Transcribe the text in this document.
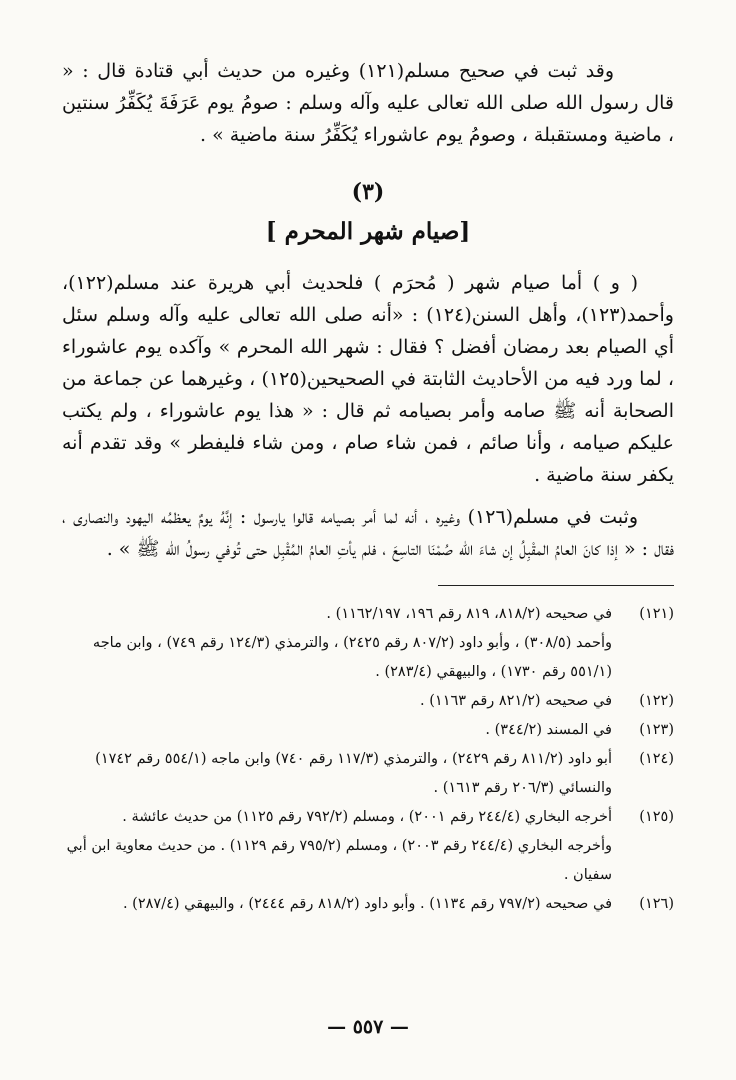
وقد ثبت في صحيح مسلم(١٢١) وغيره من حديث أبي قتادة قال : « قال رسول الله صلى الله تعالى عليه وآله وسلم : صومُ يوم عَرَفَةَ يُكَفِّرُ سنتين ، ماضية ومستقبلة ، وصومُ يوم عاشوراء يُكَفِّرُ سنة ماضية » .

(٣)
[صيام شهر المحرم ]

( و ) أما صيام شهر ( مُحرَم ) فلحديث أبي هريرة عند مسلم(١٢٢)، وأحمد(١٢٣)، وأهل السنن(١٢٤) : «أنه صلى الله تعالى عليه وآله وسلم سئل أي الصيام بعد رمضان أفضل ؟ فقال : شهر الله المحرم » وآكده يوم عاشوراء ، لما ورد فيه من الأحاديث الثابتة في الصحيحين(١٢٥) ، وغيرهما عن جماعة من الصحابة أنه ﷺ صامه وأمر بصيامه ثم قال : « هذا يوم عاشوراء ، ولم يكتب عليكم صيامه ، وأنا صائم ، فمن شاء صام ، ومن شاء فليفطر » وقد تقدم أنه يكفر سنة ماضية .

وثبت في مسلم(١٢٦) وغيره ، أنه لما أمر بصيامه قالوا يارسول : إنَّهُ يومٌ يعظمُه اليهود والنصارى ، فقال : « إذا كانَ العامُ المقْبِلُ إن شاءَ الله صُمْنَا التاسِعَ ، فلم يأتِ العامُ المُقْبِل حتى تُوفي رسولُ الله ﷺ » .

(١٢١)
في صحيحه (٨١٨/٢، ٨١٩ رقم ١٩٦، ١١٦٢/١٩٧) .
وأحمد (٣٠٨/٥) ، وأبو داود (٨٠٧/٢ رقم ٢٤٢٥) ، والترمذي (١٢٤/٣ رقم ٧٤٩) ، وابن ماجه (٥٥١/١ رقم ١٧٣٠) ، والبيهقي (٢٨٣/٤) .
(١٢٢)
في صحيحه (٨٢١/٢ رقم ١١٦٣) .
(١٢٣)
في المسند (٣٤٤/٢) .
(١٢٤)
أبو داود (٨١١/٢ رقم ٢٤٢٩) ، والترمذي (١١٧/٣ رقم ٧٤٠) وابن ماجه (٥٥٤/١ رقم ١٧٤٢) والنسائي (٢٠٦/٣ رقم ١٦١٣) .
(١٢٥)
أخرجه البخاري (٢٤٤/٤ رقم ٢٠٠١) ، ومسلم (٧٩٢/٢ رقم ١١٢٥) من حديث عائشة .
وأخرجه البخاري (٢٤٤/٤ رقم ٢٠٠٣) ، ومسلم (٧٩٥/٢ رقم ١١٢٩) . من حديث معاوية ابن أبي سفيان .
(١٢٦)
في صحيحه (٧٩٧/٢ رقم ١١٣٤) . وأبو داود (٨١٨/٢ رقم ٢٤٤٤) ، والبيهقي (٢٨٧/٤) .
— ٥٥٧ —
